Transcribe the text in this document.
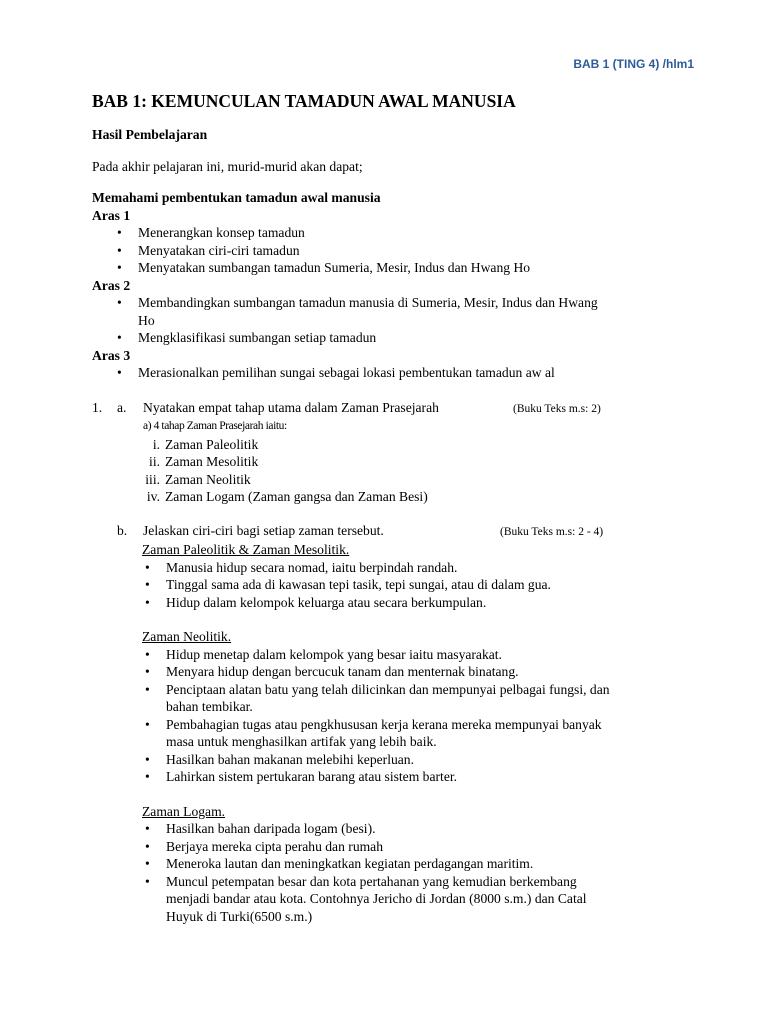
BAB 1 (TING 4) /hlm1
BAB 1: KEMUNCULAN TAMADUN AWAL MANUSIA

Hasil Pembelajaran

Pada akhir pelajaran ini, murid-murid akan dapat;

Memahami pembentukan tamadun awal manusia

Aras 1

• Menerangkan konsep tamadun
• Menyatakan ciri-ciri tamadun
• Menyatakan sumbangan tamadun Sumeria, Mesir, Indus dan Hwang Ho

Aras 2

• Membandingkan sumbangan tamadun manusia di Sumeria, Mesir, Indus dan Hwang Ho
• Mengklasifikasi sumbangan setiap tamadun

Aras 3

• Merasionalkan pemilihan sungai sebagai lokasi pembentukan tamadun aw al
1.	a.	Nyatakan empat tahap utama dalam Zaman Prasejarah	(Buku Teks m.s: 2)
a) 4 tahap Zaman Prasejarah iaitu:
i. Zaman Paleolitik
ii. Zaman Mesolitik
iii. Zaman Neolitik
iv. Zaman Logam (Zaman gangsa dan Zaman Besi)
b.	Jelaskan ciri-ciri bagi setiap zaman tersebut.	(Buku Teks m.s: 2 - 4)

Zaman Paleolitik & Zaman Mesolitik.

• Manusia hidup secara nomad, iaitu berpindah randah.
• Tinggal sama ada di kawasan tepi tasik, tepi sungai, atau di dalam gua.
• Hidup dalam kelompok keluarga atau secara berkumpulan.

Zaman Neolitik.

• Hidup menetap dalam kelompok yang besar iaitu masyarakat.
• Menyara hidup dengan bercucuk tanam dan menternak binatang.
• Penciptaan alatan batu yang telah dilicinkan dan mempunyai pelbagai fungsi, dan bahan tembikar.
• Pembahagian tugas atau pengkhususan kerja kerana mereka mempunyai banyak masa untuk menghasilkan artifak yang lebih baik.
• Hasilkan bahan makanan melebihi keperluan.
• Lahirkan sistem pertukaran barang atau sistem barter.

Zaman Logam.

• Hasilkan bahan daripada logam (besi).
• Berjaya mereka cipta perahu dan rumah
• Meneroka lautan dan meningkatkan kegiatan perdagangan maritim.
• Muncul petempatan besar dan kota pertahanan yang kemudian berkembang menjadi bandar atau kota. Contohnya Jericho di Jordan (8000 s.m.) dan Catal Huyuk di Turki(6500 s.m.)
